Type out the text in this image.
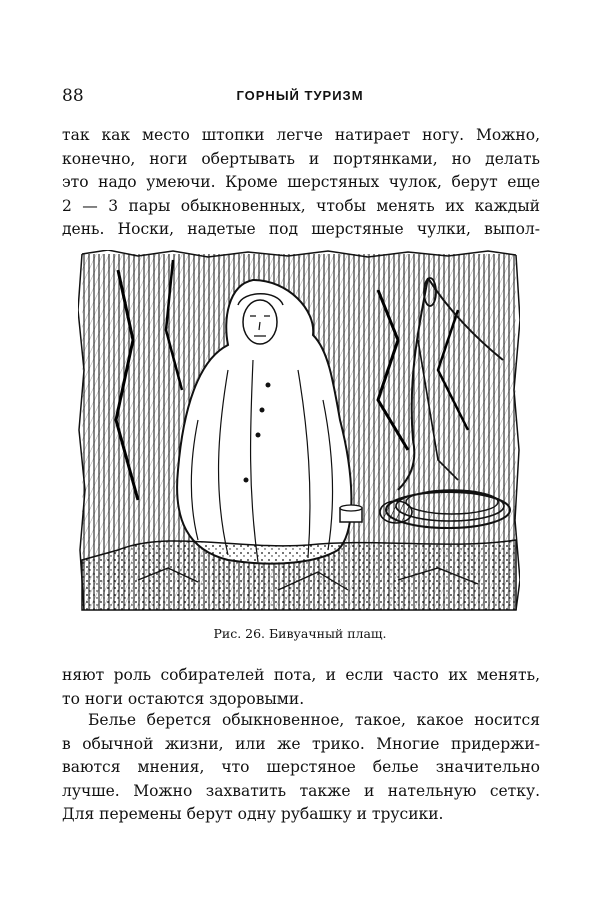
88	ГОРНЫЙ ТУРИЗМ

так как место штопки легче натирает ногу. Можно,
конечно, ноги обертывать и портянками, но делать
это надо умеючи. Кроме шерстяных чулок, берут еще
2 — 3 пары обыкновенных, чтобы менять их каждый
день. Носки, надетые под шерстяные чулки, выпол-

Рис. 26. Бивуачный плащ.

няют роль собирателей пота, и если часто их менять,
то ноги остаются здоровыми.

Белье берется обыкновенное, такое, какое носится
в обычной жизни, или же трико. Многие придержи-
ваются мнения, что шерстяное белье значительно
лучше. Можно захватить также и нательную сетку.
Для перемены берут одну рубашку и трусики.
